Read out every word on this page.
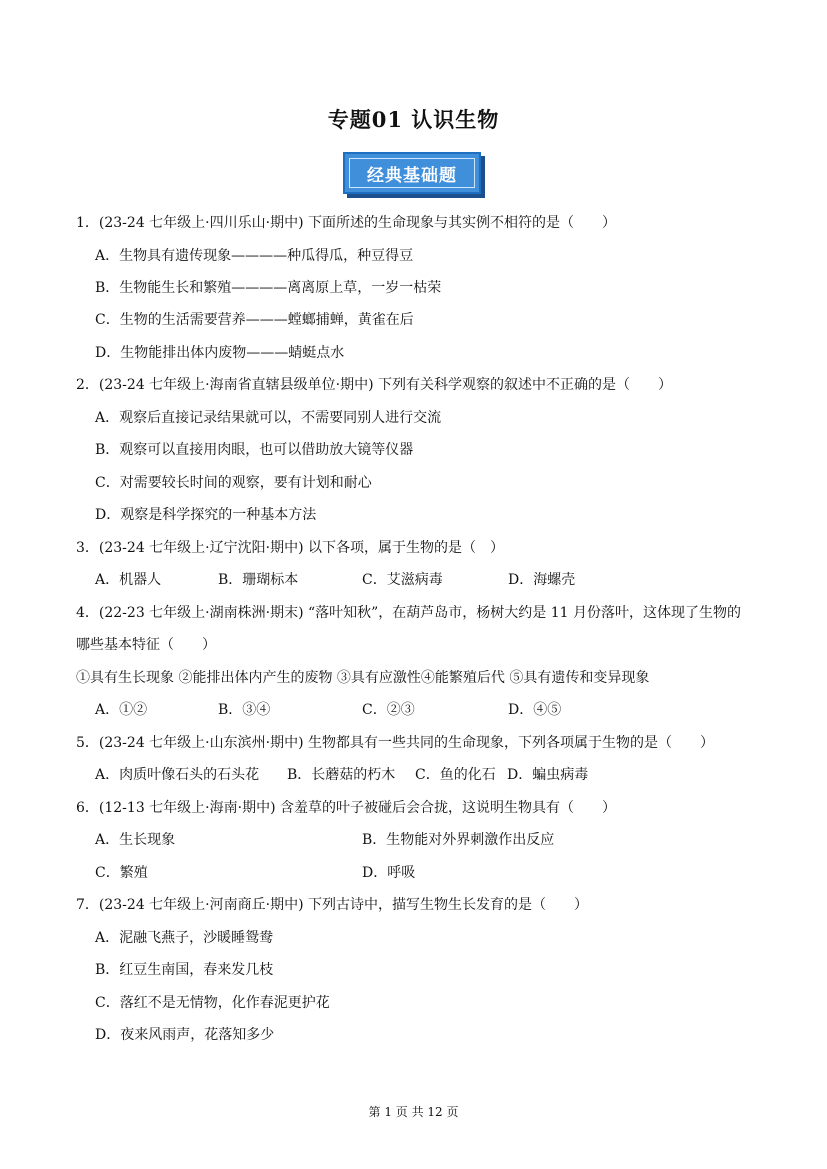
专题01 认识生物
经典基础题
1．(23-24 七年级上·四川乐山·期中) 下面所述的生命现象与其实例不相符的是（　　）
A．生物具有遗传现象————种瓜得瓜，种豆得豆
B．生物能生长和繁殖————离离原上草，一岁一枯荣
C．生物的生活需要营养———螳螂捕蝉，黄雀在后
D．生物能排出体内废物———蜻蜓点水
2．(23-24 七年级上·海南省直辖县级单位·期中) 下列有关科学观察的叙述中不正确的是（　　）
A．观察后直接记录结果就可以，不需要同别人进行交流
B．观察可以直接用肉眼，也可以借助放大镜等仪器
C．对需要较长时间的观察，要有计划和耐心
D．观察是科学探究的一种基本方法
3．(23-24 七年级上·辽宁沈阳·期中) 以下各项，属于生物的是（　）
A．机器人	B．珊瑚标本	C．艾滋病毒	D．海螺壳
4．(22-23 七年级上·湖南株洲·期末) “落叶知秋”，在葫芦岛市，杨树大约是 11 月份落叶，这体现了生物的
哪些基本特征（　　）
①具有生长现象 ②能排出体内产生的废物 ③具有应激性④能繁殖后代 ⑤具有遗传和变异现象
A．①②	B．③④	C．②③	D．④⑤
5．(23-24 七年级上·山东滨州·期中) 生物都具有一些共同的生命现象，下列各项属于生物的是（　　）
A．肉质叶像石头的石头花 B．长蘑菇的朽木 C．鱼的化石 D．蝙虫病毒
6．(12-13 七年级上·海南·期中) 含羞草的叶子被碰后会合拢，这说明生物具有（　　）
A．生长现象	B．生物能对外界刺激作出反应
C．繁殖	D．呼吸
7．(23-24 七年级上·河南商丘·期中) 下列古诗中，描写生物生长发育的是（　　）
A．泥融飞燕子，沙暖睡鸳鸯
B．红豆生南国，春来发几枝
C．落红不是无情物，化作春泥更护花
D．夜来风雨声，花落知多少
第 1 页 共 12 页
